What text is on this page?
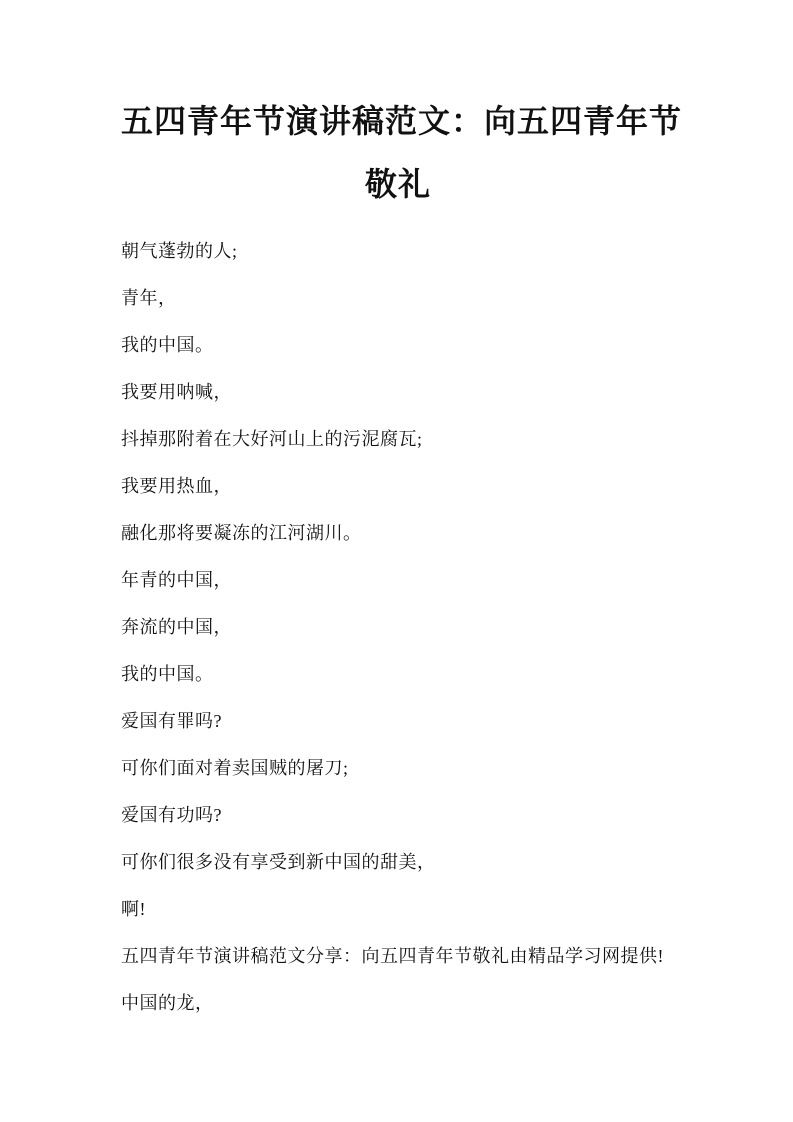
五四青年节演讲稿范文：向五四青年节
敬礼

朝气蓬勃的人;

青年，

我的中国。

我要用呐喊，

抖掉那附着在大好河山上的污泥腐瓦;

我要用热血，

融化那将要凝冻的江河湖川。

年青的中国，

奔流的中国，

我的中国。

爱国有罪吗?

可你们面对着卖国贼的屠刀;

爱国有功吗?

可你们很多没有享受到新中国的甜美，

啊!

五四青年节演讲稿范文分享：向五四青年节敬礼由精品学习网提供!

中国的龙，
